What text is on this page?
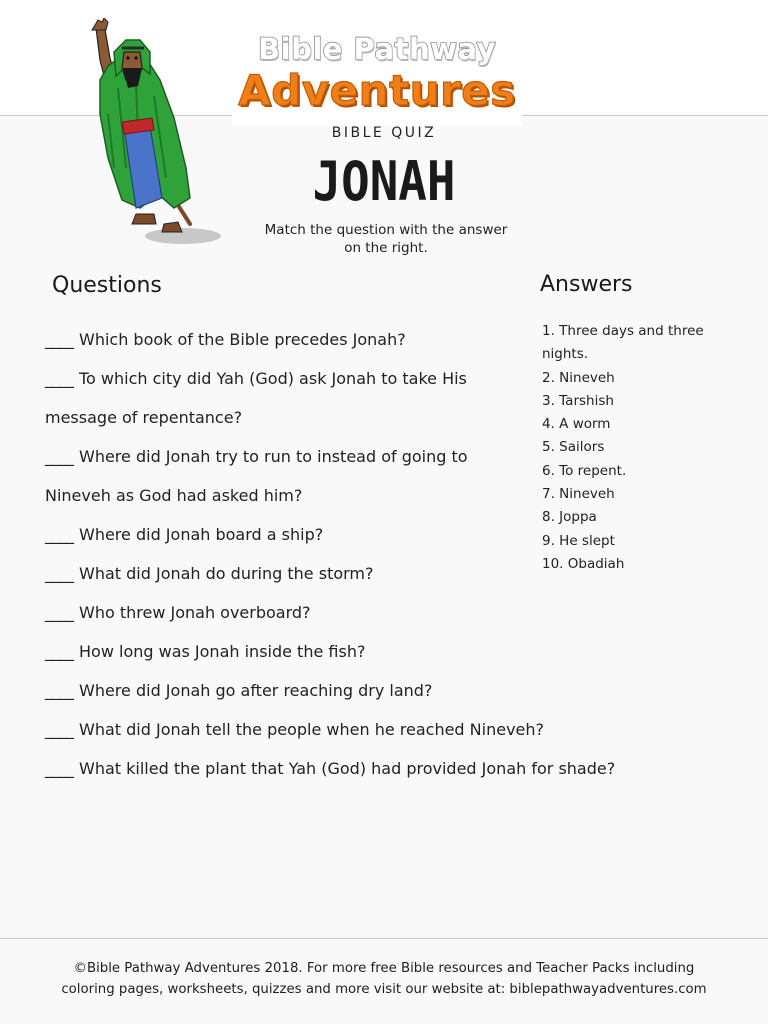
Bible Pathway
Adventures
BIBLE QUIZ
JONAH
Match the question with the answer on the right.
Questions
____ Which book of the Bible precedes Jonah?
____ To which city did Yah (God) ask Jonah to take His message of repentance?
____ Where did Jonah try to run to instead of going to Nineveh as God had asked him?
____ Where did Jonah board a ship?
____ What did Jonah do during the storm?
____ Who threw Jonah overboard?
____ How long was Jonah inside the fish?
____ Where did Jonah go after reaching dry land?
____ What did Jonah tell the people when he reached Nineveh?
____ What killed the plant that Yah (God) had provided Jonah for shade?
Answers
1. Three days and three nights.
2. Nineveh
3. Tarshish
4. A worm
5. Sailors
6. To repent.
7. Nineveh
8. Joppa
9. He slept
10. Obadiah
©Bible Pathway Adventures 2018. For more free Bible resources and Teacher Packs including
coloring pages, worksheets, quizzes and more visit our website at: biblepathwayadventures.com
